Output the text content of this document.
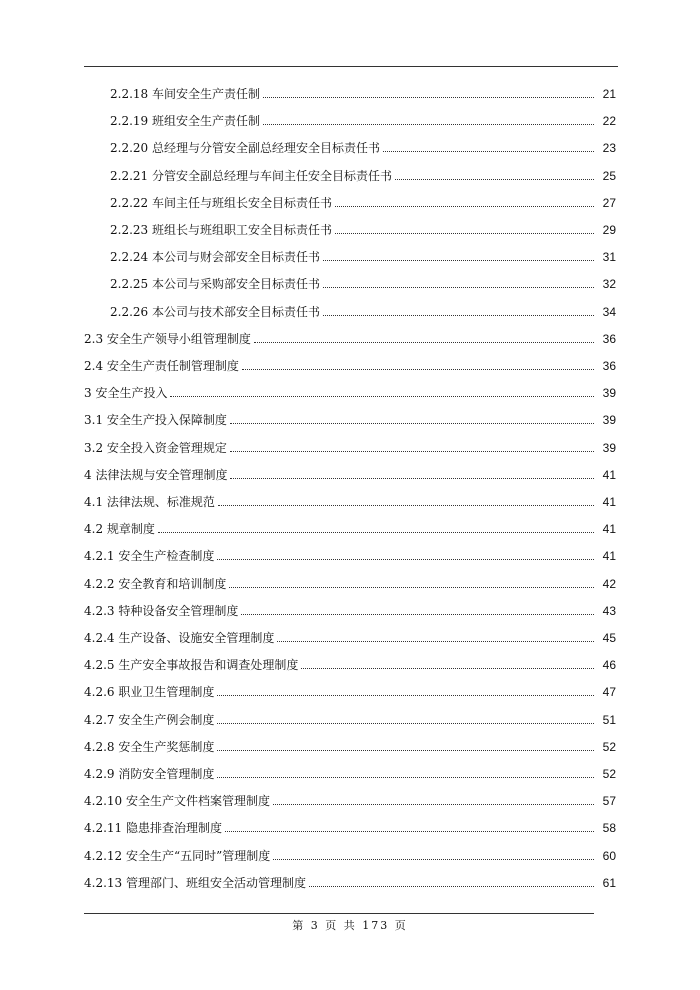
2.2.18 车间安全生产责任制	21
2.2.19 班组安全生产责任制	22
2.2.20 总经理与分管安全副总经理安全目标责任书	23
2.2.21 分管安全副总经理与车间主任安全目标责任书	25
2.2.22 车间主任与班组长安全目标责任书	27
2.2.23 班组长与班组职工安全目标责任书	29
2.2.24 本公司与财会部安全目标责任书	31
2.2.25 本公司与采购部安全目标责任书	32
2.2.26 本公司与技术部安全目标责任书	34
2.3 安全生产领导小组管理制度	36
2.4 安全生产责任制管理制度	36
3 安全生产投入	39
3.1 安全生产投入保障制度	39
3.2 安全投入资金管理规定	39
4 法律法规与安全管理制度	41
4.1 法律法规、标准规范	41
4.2 规章制度	41
4.2.1 安全生产检查制度	41
4.2.2 安全教育和培训制度	42
4.2.3 特种设备安全管理制度	43
4.2.4 生产设备、设施安全管理制度	45
4.2.5 生产安全事故报告和调查处理制度	46
4.2.6 职业卫生管理制度	47
4.2.7 安全生产例会制度	51
4.2.8 安全生产奖惩制度	52
4.2.9 消防安全管理制度	52
4.2.10 安全生产文件档案管理制度	57
4.2.11 隐患排查治理制度	58
4.2.12 安全生产“五同时”管理制度	60
4.2.13 管理部门、班组安全活动管理制度	61
第 3 页 共 173 页
